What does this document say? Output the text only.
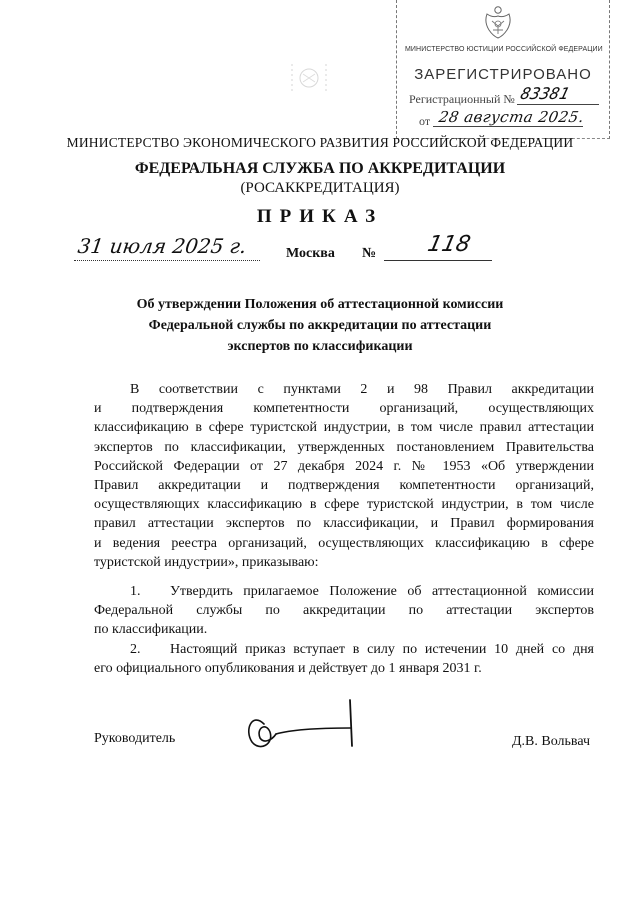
МИНИСТЕРСТВО ЮСТИЦИИ РОССИЙСКОЙ ФЕДЕРАЦИИ
ЗАРЕГИСТРИРОВАНО
Регистрационный № 83381
от 28 августа 2025.
МИНИСТЕРСТВО ЭКОНОМИЧЕСКОГО РАЗВИТИЯ РОССИЙСКОЙ ФЕДЕРАЦИИ
ФЕДЕРАЛЬНАЯ СЛУЖБА ПО АККРЕДИТАЦИИ
(РОСАККРЕДИТАЦИЯ)
ПРИКАЗ
31 июля 2025 г.	Москва № 118
Об утверждении Положения об аттестационной комиссии
Федеральной службы по аккредитации по аттестации
экспертов по классификации
В соответствии с пунктами 2 и 98 Правил аккредитации
и подтверждения компетентности организаций, осуществляющих
классификацию в сфере туристской индустрии, в том числе правил аттестации
экспертов по классификации, утвержденных постановлением Правительства
Российской Федерации от 27 декабря 2024 г. № 1953 «Об утверждении
Правил аккредитации и подтверждения компетентности организаций,
осуществляющих классификацию в сфере туристской индустрии, в том числе
правил аттестации экспертов по классификации, и Правил формирования
и ведения реестра организаций, осуществляющих классификацию в сфере
туристской индустрии», приказываю:
1. Утвердить прилагаемое Положение об аттестационной комиссии
Федеральной службы по аккредитации по аттестации экспертов
по классификации.
2. Настоящий приказ вступает в силу по истечении 10 дней со дня
его официального опубликования и действует до 1 января 2031 г.
Руководитель	Д.В. Вольвач
